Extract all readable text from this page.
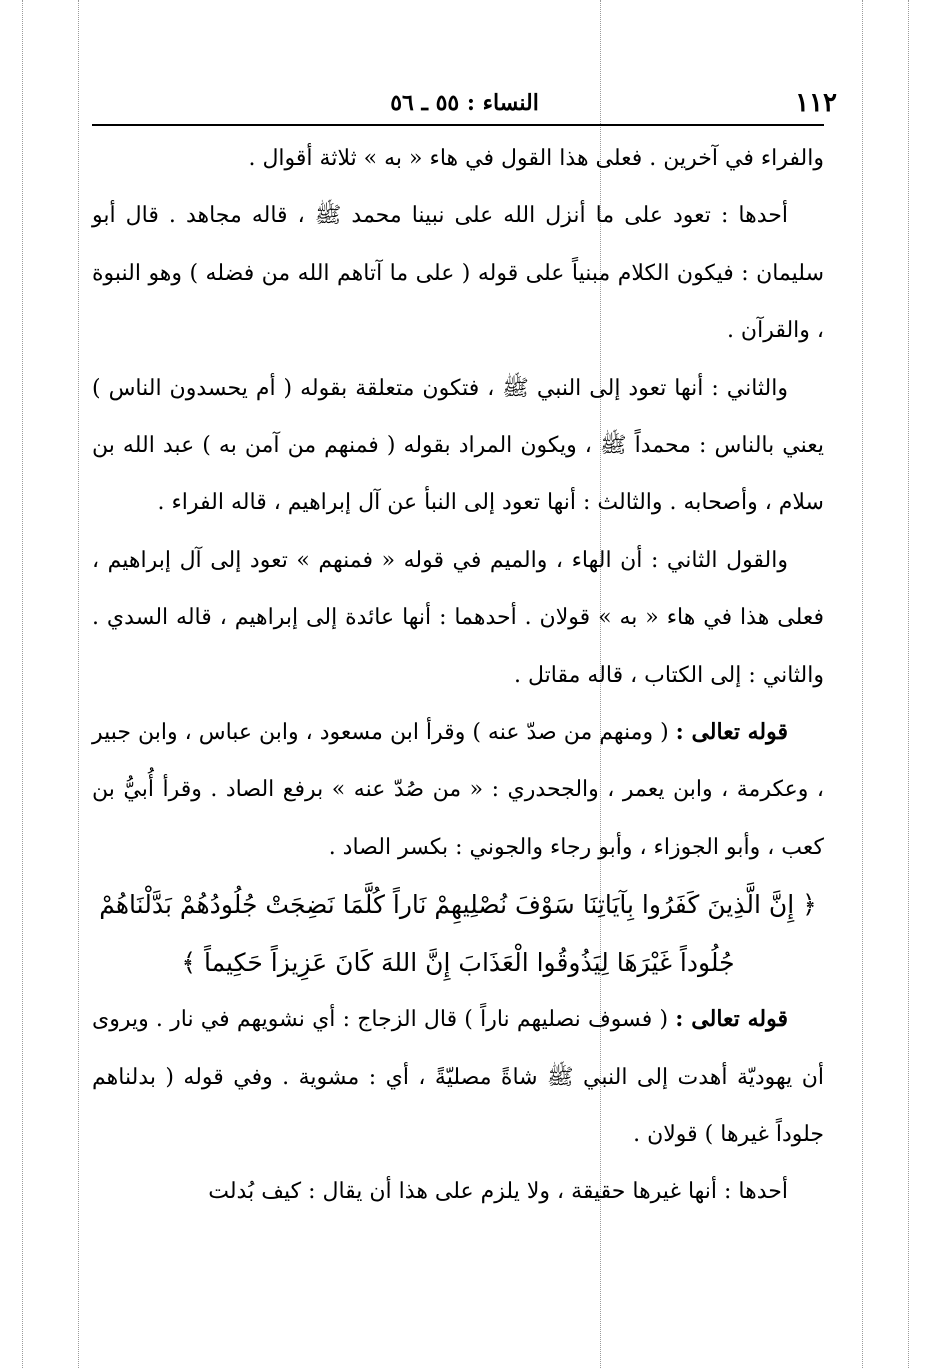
١١٢
النساء : ٥٥ ـ ٥٦

والفراء في آخرين . فعلى هذا القول في هاء « به » ثلاثة أقوال .

أحدها : تعود على ما أنزل الله على نبينا محمد ﷺ ، قاله مجاهد . قال أبو سليمان : فيكون الكلام مبنياً على قوله ( على ما آتاهم الله من فضله ) وهو النبوة ، والقرآن .

والثاني : أنها تعود إلى النبي ﷺ ، فتكون متعلقة بقوله ( أم يحسدون الناس ) يعني بالناس : محمداً ﷺ ، ويكون المراد بقوله ( فمنهم من آمن به ) عبد الله بن سلام ، وأصحابه . والثالث : أنها تعود إلى النبأ عن آل إبراهيم ، قاله الفراء .

والقول الثاني : أن الهاء ، والميم في قوله « فمنهم » تعود إلى آل إبراهيم ، فعلى هذا في هاء « به » قولان . أحدهما : أنها عائدة إلى إبراهيم ، قاله السدي . والثاني : إلى الكتاب ، قاله مقاتل .

قوله تعالى : ( ومنهم من صدّ عنه ) وقرأ ابن مسعود ، وابن عباس ، وابن جبير ، وعكرمة ، وابن يعمر ، والجحدري : « من صُدّ عنه » برفع الصاد . وقرأ أُبيُّ بن كعب ، وأبو الجوزاء ، وأبو رجاء والجوني : بكسر الصاد .

﴿ إِنَّ الَّذِينَ كَفَرُوا بِآيَاتِنَا سَوْفَ نُصْلِيهِمْ نَاراً كُلَّمَا نَضِجَتْ جُلُودُهُمْ بَدَّلْنَاهُمْ جُلُوداً غَيْرَهَا لِيَذُوقُوا الْعَذَابَ إِنَّ اللهَ كَانَ عَزِيزاً حَكِيماً ﴾

قوله تعالى : ( فسوف نصليهم ناراً ) قال الزجاج : أي نشويهم في نار . ويروى أن يهوديّة أهدت إلى النبي ﷺ شاةً مصليّةً ، أي : مشوية . وفي قوله ( بدلناهم جلوداً غيرها ) قولان .

أحدها : أنها غيرها حقيقة ، ولا يلزم على هذا أن يقال : كيف بُدلت
